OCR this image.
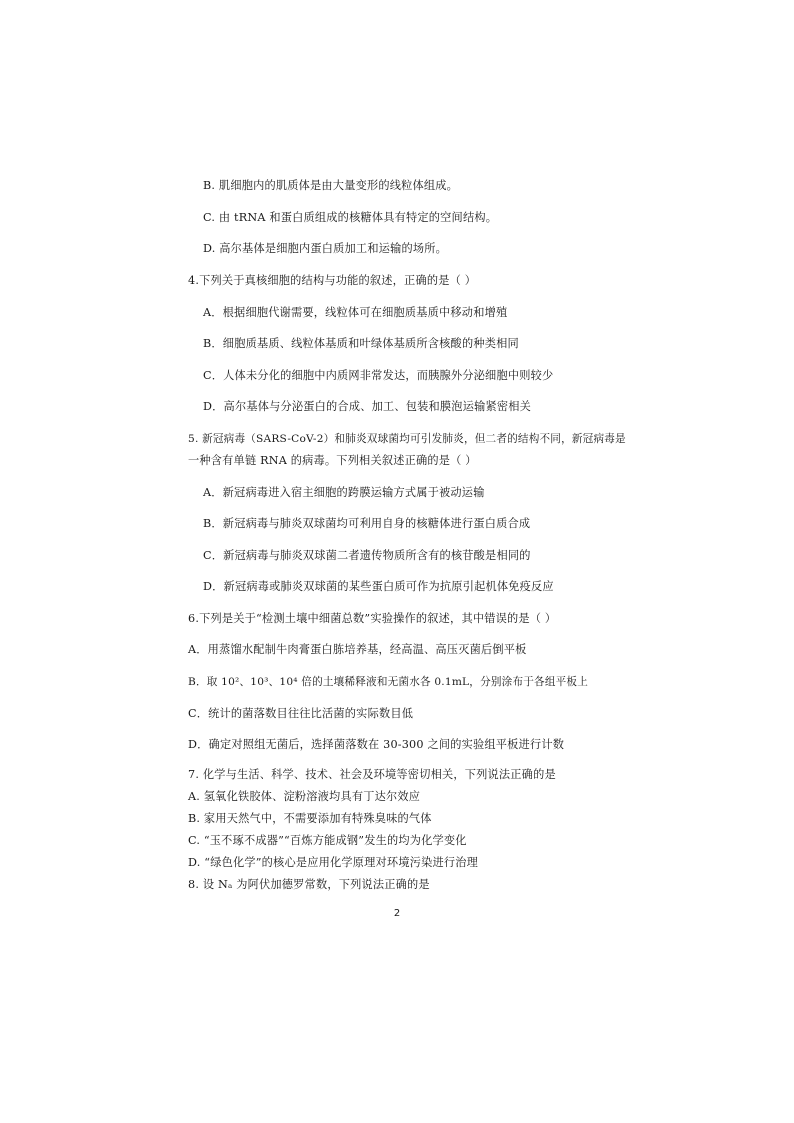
B. 肌细胞内的肌质体是由大量变形的线粒体组成。
C. 由 tRNA 和蛋白质组成的核糖体具有特定的空间结构。
D. 高尔基体是细胞内蛋白质加工和运输的场所。
4.下列关于真核细胞的结构与功能的叙述，正确的是（ ）
A．根据细胞代谢需要，线粒体可在细胞质基质中移动和增殖
B．细胞质基质、线粒体基质和叶绿体基质所含核酸的种类相同
C．人体未分化的细胞中内质网非常发达，而胰腺外分泌细胞中则较少
D．高尔基体与分泌蛋白的合成、加工、包装和膜泡运输紧密相关
5. 新冠病毒（SARS-CoV-2）和肺炎双球菌均可引发肺炎，但二者的结构不同，新冠病毒是
一种含有单链 RNA 的病毒。下列相关叙述正确的是（ ）
A．新冠病毒进入宿主细胞的跨膜运输方式属于被动运输
B．新冠病毒与肺炎双球菌均可利用自身的核糖体进行蛋白质合成
C．新冠病毒与肺炎双球菌二者遗传物质所含有的核苷酸是相同的
D．新冠病毒或肺炎双球菌的某些蛋白质可作为抗原引起机体免疫反应
6.下列是关于“检测土壤中细菌总数”实验操作的叙述，其中错误的是（ ）
A．用蒸馏水配制牛肉膏蛋白胨培养基，经高温、高压灭菌后倒平板
B．取 10²、10³、10⁴ 倍的土壤稀释液和无菌水各 0.1mL，分别涂布于各组平板上
C．统计的菌落数目往往比活菌的实际数目低
D．确定对照组无菌后，选择菌落数在 30-300 之间的实验组平板进行计数
7. 化学与生活、科学、技术、社会及环境等密切相关，下列说法正确的是
A. 氢氧化铁胶体、淀粉溶液均具有丁达尔效应
B. 家用天然气中，不需要添加有特殊臭味的气体
C. “玉不琢不成器”“百炼方能成钢”发生的均为化学变化
D. “绿色化学”的核心是应用化学原理对环境污染进行治理
8. 设 Nₐ 为阿伏加德罗常数，下列说法正确的是
2
